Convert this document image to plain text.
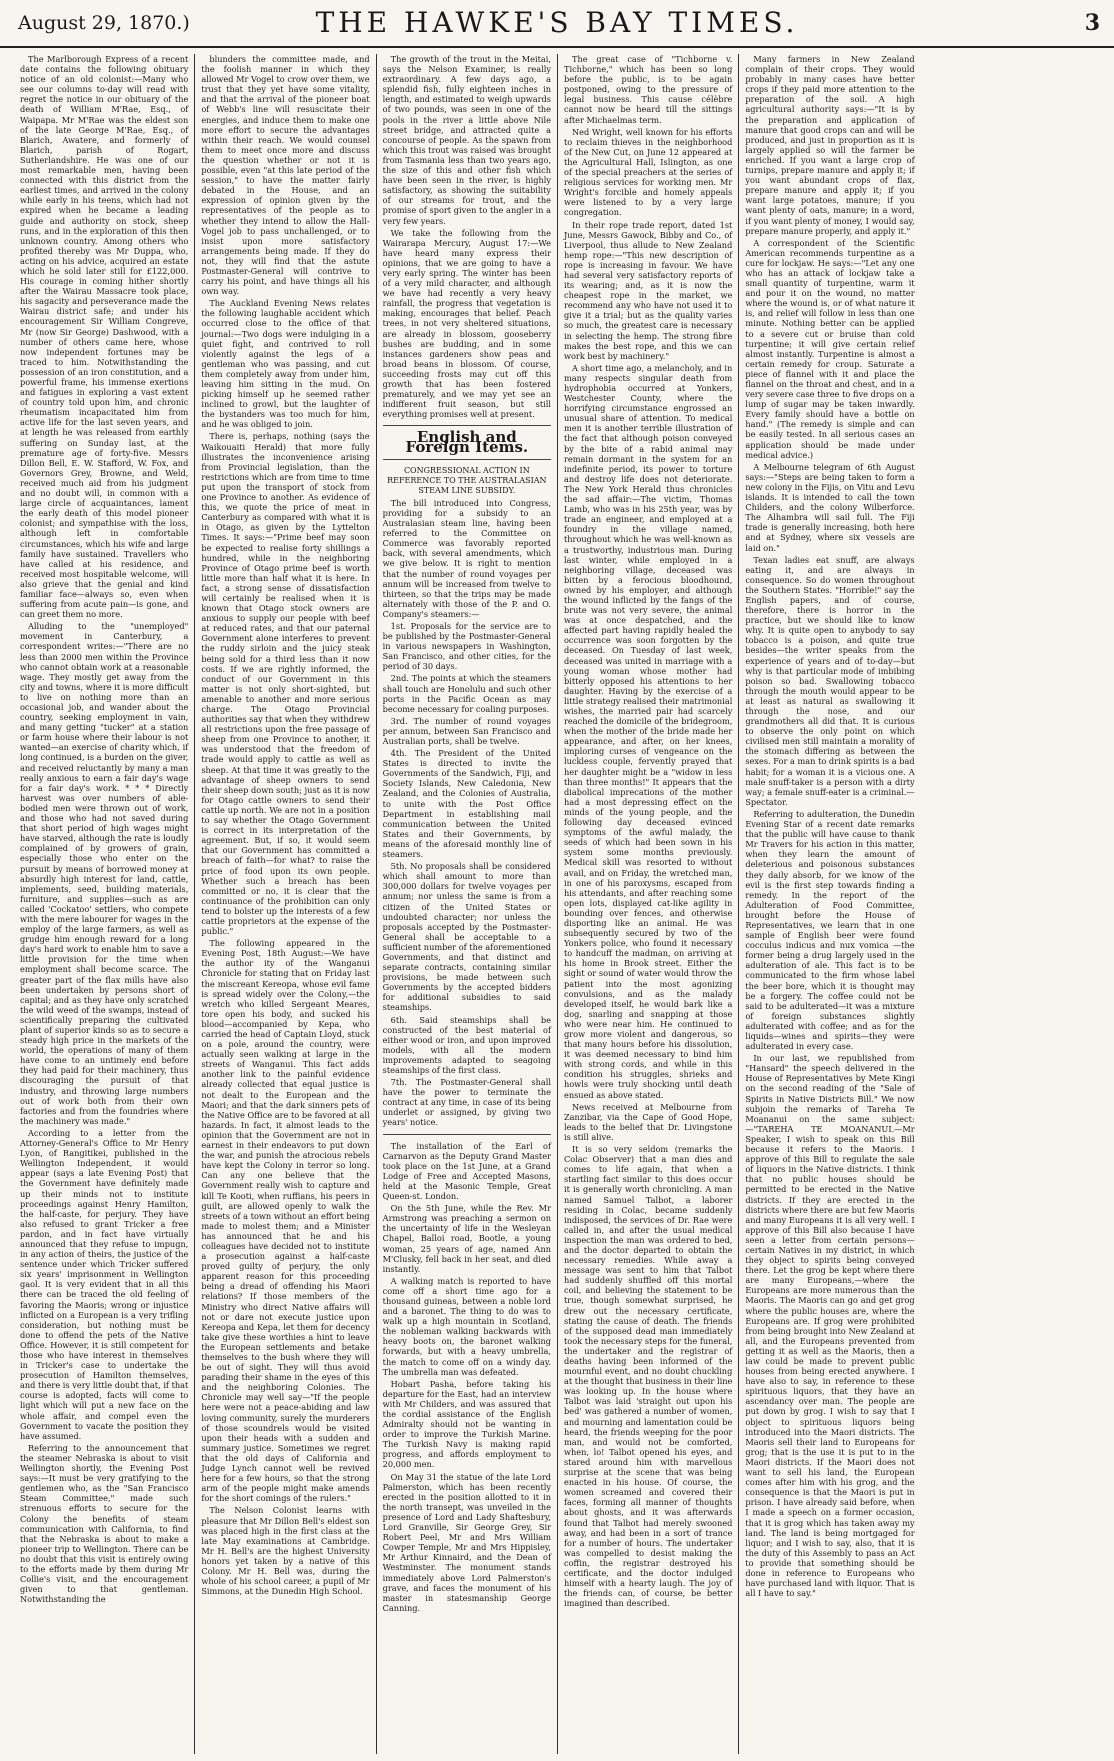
August 29, 1870.)	THE HAWKE'S BAY TIMES.	3

The Marlborough Express of a recent date contains the following obituary notice of an old colonist:—Many who see our columns to-day will read with regret the notice in our obituary of the death of William M'Rae, Esq., of Waipapa. Mr M'Rae was the eldest son of the late George M'Rae, Esq., of Blarich, Awatere, and formerly of Blarich, parish of Rogart, Sutherlandshire. He was one of our most remarkable men, having been connected with this district from the earliest times, and arrived in the colony while early in his teens, which had not expired when he became a leading guide and authority on stock, sheep runs, and in the exploration of this then unknown country. Among others who profited thereby was Mr Duppa, who, acting on his advice, acquired an estate which he sold later still for £122,000. His courage in coming hither shortly after the Wairau Massacre took place, his sagacity and perseverance made the Wairau district safe; and under his encouragement Sir William Congreve, Mr (now Sir George) Dashwood, with a number of others came here, whose now independent fortunes may be traced to him. Notwithstanding the possession of an iron constitution, and a powerful frame, his immense exertions and fatigues in exploring a vast extent of country told upon him, and chronic rheumatism incapacitated him from active life for the last seven years, and at length he was released from earthly suffering on Sunday last, at the premature age of forty-five. Messrs Dillon Bell, E. W. Stafford, W. Fox, and Governors Grey, Browne, and Weld, received much aid from his judgment and no doubt will, in common with a large circle of acquaintances, lament the early death of this model pioneer colonist; and sympathise with the loss, although left in comfortable circumstances, which his wife and large family have sustained. Travellers who have called at his residence, and received most hospitable welcome, will also grieve that the genial and kind familiar face—always so, even when suffering from acute pain—is gone, and can greet them no more.

Alluding to the "unemployed" movement in Canterbury, a correspondent writes:—"There are no less than 2000 men within the Province who cannot obtain work at a reasonable wage. They mostly get away from the city and towns, where it is more difficult to live on nothing more than an occasional job, and wander about the country, seeking employment in vain, and many getting "tucker" at a station or farm house where their labour is not wanted—an exercise of charity which, if long continued, is a burden on the giver, and received reluctantly by many a man really anxious to earn a fair day's wage for a fair day's work. * * * Directly harvest was over numbers of able-bodied men were thrown out of work, and those who had not saved during that short period of high wages might have starved, although the rate is loudly complained of by growers of grain, especially those who enter on the pursuit by means of borrowed money at absurdly high interest for land, cattle, implements, seed, building materials, furniture, and supplies—such as are called 'Cockatoo' settlers, who compete with the mere labourer for wages in the employ of the large farmers, as well as grudge him enough reward for a long day's hard work to enable him to save a little provision for the time when employment shall become scarce. The greater part of the flax mills have also been undertaken by persons short of capital; and as they have only scratched the wild weed of the swamps, instead of scientifically preparing the cultivated plant of superior kinds so as to secure a steady high price in the markets of the world, the operations of many of them have come to an untimely end before they had paid for their machinery, thus discouraging the pursuit of that industry, and throwing large numbers out of work both from their own factories and from the foundries where the machinery was made."

According to a letter from the Attorney-General's Office to Mr Henry Lyon, of Rangitikei, published in the Wellington Independent, it would appear (says a late Evening Post) that the Government have definitely made up their minds not to institute proceedings against Henry Hamilton, the half-caste, for perjury. They have also refused to grant Tricker a free pardon, and in fact have virtually announced that they refuse to impugn, in any action of theirs, the justice of the sentence under which Tricker suffered six years' imprisonment in Wellington gaol. It is very evident that in all this there can be traced the old feeling of favoring the Maoris; wrong or injustice inflicted on a European is a very trifling consideration, but nothing must be done to offend the pets of the Native Office. However, it is still competent for those who have interest in themselves in Tricker's case to undertake the prosecution of Hamilton themselves, and there is very little doubt that, if that course is adopted, facts will come to light which will put a new face on the whole affair, and compel even the Government to vacate the position they have assumed.

Referring to the announcement that the steamer Nebraska is about to visit Wellington shortly, the Evening Post says:—It must be very gratifying to the gentlemen who, as the "San Francisco Steam Committee," made such strenuous efforts to secure for the Colony the benefits of steam communication with California, to find that the Nebraska is about to make a pioneer trip to Wellington. There can be no doubt that this visit is entirely owing to the efforts made by them during Mr Collie's visit, and the encouragement given to that gentleman. Notwithstanding the

blunders the committee made, and the foolish manner in which they allowed Mr Vogel to crow over them, we trust that they yet have some vitality, and that the arrival of the pioneer boat of Webb's line will resuscitate their energies, and induce them to make one more effort to secure the advantages within their reach. We would counsel them to meet once more and discuss the question whether or not it is possible, even "at this late period of the session," to have the matter fairly debated in the House, and an expression of opinion given by the representatives of the people as to whether they intend to allow the Hall-Vogel job to pass unchallenged, or to insist upon more satisfactory arrangements being made. If they do not, they will find that the astute Postmaster-General will contrive to carry his point, and have things all his own way.

The Auckland Evening News relates the following laughable accident which occurred close to the office of that journal:—Two dogs were indulging in a quiet fight, and contrived to roll violently against the legs of a gentleman who was passing, and cut them completely away from under him, leaving him sitting in the mud. On picking himself up he seemed rather inclined to growl, but the laughter of the bystanders was too much for him, and he was obliged to join.

There is, perhaps, nothing (says the Waikouaiti Herald) that more fully illustrates the inconvenience arising from Provincial legislation, than the restrictions which are from time to time put upon the transport of stock from one Province to another. As evidence of this, we quote the price of meat in Canterbury as compared with what it is in Otago, as given by the Lyttelton Times. It says:—"Prime beef may soon be expected to realise forty shillings a hundred, while in the neighboring Province of Otago prime beef is worth little more than half what it is here. In fact, a strong sense of dissatisfaction will certainly be realised when it is known that Otago stock owners are anxious to supply our people with beef at reduced rates, and that our paternal Government alone interferes to prevent the ruddy sirloin and the juicy steak being sold for a third less than it now costs. If we are rightly informed, the conduct of our Government in this matter is not only short-sighted, but amenable to another and more serious charge. The Otago Provincial authorities say that when they withdrew all restrictions upon the free passage of sheep from one Province to another, it was understood that the freedom of trade would apply to cattle as well as sheep. At that time it was greatly to the advantage of sheep owners to send their sheep down south; just as it is now for Otago cattle owners to send their cattle up north. We are not in a position to say whether the Otago Government is correct in its interpretation of the agreement. But, if so, it would seem that our Government has committed a breach of faith—for what? to raise the price of food upon its own people. Whether such a breach has been committed or no, it is clear that the continuance of the prohibition can only tend to bolster up the interests of a few cattle proprietors at the expense of the public."

The following appeared in the Evening Post, 18th August:—We have the author ity of the Wanganui Chronicle for stating that on Friday last the miscreant Kereopa, whose evil fame is spread widely over the Colony,—the wretch who killed Sergeant Meares, tore open his body, and sucked his blood—accompanied by Kepa, who carried the head of Captain Lloyd, stuck on a pole, around the country, were actually seen walking at large in the streets of Wanganui. This fact adds another link to the painful evidence already collected that equal justice is not dealt to the European and the Maori; and that the dark sinners pets of the Native Office are to be favored at all hazards. In fact, it almost leads to the opinion that the Government are not in earnest in their endeavors to put down the war, and punish the atrocious rebels have kept the Colony in terror so long. Can any one believe that the Government really wish to capture and kill Te Kooti, when ruffians, his peers in guilt, are allowed openly to walk the streets of a town without an effort being made to molest them; and a Minister has announced that he and his colleagues have decided not to institute a prosecution against a half-caste proved guilty of perjury, the only apparent reason for this proceeding being a dread of offending his Maori relations? If those members of the Ministry who direct Native affairs will not or dare not execute justice upon Kereopa and Kepa, let them for decency take give these worthies a hint to leave the European settlements and betake themselves to the bush where they will be out of sight. They will thus avoid parading their shame in the eyes of this and the neighboring Colonies. The Chronicle may well say—"If the people here were not a peace-abiding and law loving community, surely the murderers of those scoundrels would be visited upon their heads with a sudden and summary justice. Sometimes we regret that the old days of California and Judge Lynch cannot well be revived here for a few hours, so that the strong arm of the people might make amends for the short comings of the rulers."

The Nelson Colonist learns with pleasure that Mr Dillon Bell's eldest son was placed high in the first class at the late May examinations at Cambridge. Mr H. Bell's are the highest University honors yet taken by a native of this Colony. Mr H. Bell was, during the whole of his school career, a pupil of Mr Simmons, at the Dunedin High School.

The growth of the trout in the Meitai, says the Nelson Examiner, is really extraordinary. A few days ago, a splendid fish, fully eighteen inches in length, and estimated to weigh upwards of two pounds, was seen in one of the pools in the river a little above Nile street bridge, and attracted quite a concourse of people. As the spawn from which this trout was raised was brought from Tasmania less than two years ago, the size of this and other fish which have been seen in the river, is highly satisfactory, as showing the suitability of our streams for trout, and the promise of sport given to the angler in a very few years.

We take the following from the Wairarapa Mercury, August 17:—We have heard many express their opinions, that we are going to have a very early spring. The winter has been of a very mild character, and although we have had recently a very heavy rainfall, the progress that vegetation is making, encourages that belief. Peach trees, in not very sheltered situations, are already in blossom, gooseberry bushes are budding, and in some instances gardeners show peas and broad beans in blossom. Of course, succeeding frosts may cut off this growth that has been fostered prematurely, and we may yet see an indifferent fruit season, but still everything promises well at present.

English and Foreign Items.

CONGRESSIONAL ACTION IN REFERENCE TO THE AUSTRALASIAN STEAM LINE SUBSIDY.

The bill introduced into Congress, providing for a subsidy to an Australasian steam line, having been referred to the Committee on Commerce was favorably reported back, with several amendments, which we give below. It is right to mention that the number of round voyages per annum will be increased from twelve to thirteen, so that the trips may be made alternately with those of the P. and O. Company's steamers:—

1st. Proposals for the service are to be published by the Postmaster-General in various newspapers in Washington, San Francisco, and other cities, for the period of 30 days.

2nd. The points at which the steamers shall touch are Honolulu and such other ports in the Pacific Ocean as may become necessary for coaling purposes.

3rd. The number of round voyages per annum, between San Francisco and Australian ports, shall be twelve.

4th. The President of the United States is directed to invite the Governments of the Sandwich, Fiji, and Society Islands, New Caledonia, New Zealand, and the Colonies of Australia, to unite with the Post Office Department in establishing mail communication between the United States and their Governments, by means of the aforesaid monthly line of steamers.

5th. No proposals shall be considered which shall amount to more than 300,000 dollars for twelve voyages per annum; nor unless the same is from a citizen of the United States or undoubted character; nor unless the proposals accepted by the Postmaster-General shall be acceptable to a sufficient number of the aforementioned Governments, and that distinct and separate contracts, containing similar provisions, be made between such Governments by the accepted bidders for additional subsidies to said steamships.

6th. Said steamships shall be constructed of the best material of either wood or iron, and upon improved models, with all the modern improvements adapted to seagoing steamships of the first class.

7th. The Postmaster-General shall have the power to terminate the contract at any time, in case of its being underlet or assigned, by giving two years' notice.

The installation of the Earl of Carnarvon as the Deputy Grand Master took place on the 1st June, at a Grand Lodge of Free and Accepted Masons, held at the Masonic Temple, Great Queen-st. London.

On the 5th June, while the Rev. Mr Armstrong was preaching a sermon on the uncertainty of life in the Wesleyan Chapel, Balloi road, Bootle, a young woman, 25 years of age, named Ann M'Clusky, fell back in her seat, and died instantly.

A walking match is reported to have come off a short time ago for a thousand guineas, between a noble lord and a baronet. The thing to do was to walk up a high mountain in Scotland, the nobleman walking backwards with heavy boots on, the baronet walking forwards, but with a heavy umbrella, the match to come off on a windy day. The umbrella man was defeated.

Hobart Pasha, before taking his departure for the East, had an interview with Mr Childers, and was assured that the cordial assistance of the English Admiralty should not be wanting in order to improve the Turkish Marine. The Turkish Navy is making rapid progress, and affords employment to 20,000 men.

On May 31 the statue of the late Lord Palmerston, which has been recently erected in the position allotted to it in the north transept, was unveiled in the presence of Lord and Lady Shaftesbury, Lord Granville, Sir George Grey, Sir Robert Peel, Mr and Mrs William Cowper Temple, Mr and Mrs Hippisley, Mr Arthur Kinnaird, and the Dean of Westminster. The monument stands immediately above Lord Palmerston's grave, and faces the monument of his master in statesmanship George Canning.

The great case of "Tichborne v. Tichborne," which has been so long before the public, is to be again postponed, owing to the pressure of legal business. This cause célèbre cannot now be heard till the sittings after Michaelmas term.

Ned Wright, well known for his efforts to reclaim thieves in the neighborhood of the New Cut, on June 12 appeared at the Agricultural Hall, Islington, as one of the special preachers at the series of religious services for working men. Mr Wright's forcible and homely appeals were listened to by a very large congregation.

In their rope trade report, dated 1st June, Messrs Gawock, Bibby and Co., of Liverpool, thus allude to New Zealand hemp rope:—"This new description of rope is increasing in favour. We have had several very satisfactory reports of its wearing; and, as it is now the cheapest rope in the market, we recommend any who have not used it to give it a trial; but as the quality varies so much, the greatest care is necessary in selecting the hemp. The strong fibre makes the best rope, and this we can work best by machinery."

A short time ago, a melancholy, and in many respects singular death from hydrophobia occurred at Yonkers, Westchester County, where the horrifying circumstance engrossed an unusual share of attention. To medical men it is another terrible illustration of the fact that although poison conveyed by the bite of a rabid animal may remain dormant in the system for an indefinite period, its power to torture and destroy life does not deteriorate. The New York Herald thus chronicles the sad affair:—The victim, Thomas Lamb, who was in his 25th year, was by trade an engineer, and employed at a foundry in the village named, throughout which he was well-known as a trustworthy, industrious man. During last winter, while employed in a neighboring village, deceased was bitten by a ferocious bloodhound, owned by his employer, and although the wound inflicted by the fangs of the brute was not very severe, the animal was at once despatched, and the affected part having rapidly healed the occurrence was soon forgotten by the deceased. On Tuesday of last week, deceased was united in marriage with a young woman whose mother had bitterly opposed his attentions to her daughter. Having by the exercise of a little strategy realised their matrimonial wishes, the married pair had scarcely reached the domicile of the bridegroom, when the mother of the bride made her appearance, and after, on her knees, imploring curses of vengeance on the luckless couple, fervently prayed that her daughter might be a "widow in less than three months!" It appears that the diabolical imprecations of the mother had a most depressing effect on the minds of the young people, and the following day deceased evinced symptoms of the awful malady, the seeds of which had been sown in his system some months previously. Medical skill was resorted to without avail, and on Friday, the wretched man, in one of his paroxysms, escaped from his attendants, and after reaching some open lots, displayed cat-like agility in bounding over fences, and otherwise disporting like an animal. He was subsequently secured by two of the Yonkers police, who found it necessary to handcuff the madman, on arriving at his home in Brook street. Either the sight or sound of water would throw the patient into the most agonizing convulsions, and as the malady developed itself, he would bark like a dog, snarling and snapping at those who were near him. He continued to grow more violent and dangerous, so that many hours before his dissolution, it was deemed necessary to bind him with strong cords, and while in this condition his struggles, shrieks and howls were truly shocking until death ensued as above stated.

News received at Melbourne from Zanzibar, via the Cape of Good Hope, leads to the belief that Dr. Livingstone is still alive.

It is so very seldom (remarks the Colac Observer) that a man dies and comes to life again, that when a startling fact similar to this does occur it is generally worth chronicling. A man named Samuel Talbot, a laborer residing in Colac, became suddenly indisposed, the services of Dr. Rae were called in, and after the usual medical inspection the man was ordered to bed, and the doctor departed to obtain the necessary remedies. While away a message was sent to him that Talbot had suddenly shuffled off this mortal coil, and believing the statement to be true, though somewhat surprised, he drew out the necessary certificate, stating the cause of death. The friends of the supposed dead man immediately took the necessary steps for the funeral, the undertaker and the registrar of deaths having been informed of the mournful event, and no doubt chuckling at the thought that business in their line was looking up. In the house where Talbot was laid 'straight out upon his bed' was gathered a number of women, and mourning and lamentation could be heard, the friends weeping for the poor man, and would not be comforted, when, lo! Talbot opened his eyes, and stared around him with marvellous surprise at the scene that was being enacted in his house. Of course, the women screamed and covered their faces, forming all manner of thoughts about ghosts, and it was afterwards found that Talbot had merely swooned away, and had been in a sort of trance for a number of hours. The undertaker was compelled to desist making the coffin, the registrar destroyed his certificate, and the doctor indulged himself with a hearty laugh. The joy of the friends can, of course, be better imagined than described.

Many farmers in New Zealand complain of their crops. They would probably in many cases have better crops if they paid more attention to the preparation of the soil. A high agricultural authority says:—"It is by the preparation and application of manure that good crops can and will be produced, and just in proportion as it is largely applied so will the farmer be enriched. If you want a large crop of turnips, prepare manure and apply it; if you want abundant crops of flax, prepare manure and apply it; if you want large potatoes, manure; if you want plenty of oats, manure; in a word, if you want plenty of money, I would say, prepare manure properly, and apply it."

A correspondent of the Scientific American recommends turpentine as a cure for lockjaw. He says:—"Let any one who has an attack of lockjaw take a small quantity of turpentine, warm it and pour it on the wound, no matter where the wound is, or of what nature it is, and relief will follow in less than one minute. Nothing better can be applied to a severe cut or bruise than cold turpentine; it will give certain relief almost instantly. Turpentine is almost a certain remedy for croup. Saturate a piece of flannel with it and place the flannel on the throat and chest, and in a very severe case three to five drops on a lump of sugar may be taken inwardly. Every family should have a bottle on hand." (The remedy is simple and can be easily tested. In all serious cases an application should be made under medical advice.)

A Melbourne telegram of 6th August says:—"Steps are being taken to form a new colony in the Fijis, on Vitu and Levu islands. It is intended to call the town Childers, and the colony Wilberforce. The Alhambra will sail full. The Fiji trade is generally increasing, both here and at Sydney, where six vessels are laid on."

Texan ladies eat snuff, are always eating it, and are always in consequence. So do women throughout the Southern States. "Horrible!" say the English papers, and of course, therefore, there is horror in the practice, but we should like to know why. It is quite open to anybody to say tobacco is a poison, and quite true besides—the writer speaks from the experience of years and of to-day—but why is that particular mode of imbibing poison so bad. Swallowing tobacco through the mouth would appear to be at least as natural as swallowing it through the nose, and our grandmothers all did that. It is curious to observe the only point on which civilised men still maintain a morality of the stomach differing as between the sexes. For a man to drink spirits is a bad habit; for a woman it is a vicious one. A male snuff-taker is a person with a dirty way; a female snuff-eater is a criminal.—Spectator.

Referring to adulteration, the Dunedin Evening Star of a recent date remarks that the public will have cause to thank Mr Travers for his action in this matter, when they learn the amount of deleterious and poisonous substances they daily absorb, for we know of the evil is the first step towards finding a remedy. In the report of the Adulteration of Food Committee, brought before the House of Representatives, we learn that in one sample of English beer were found cocculus indicus and nux vomica —the former being a drug largely used in the adulteration of ale. This fact is to be communicated to the firm whose label the beer bore, which it is thought may be a forgery. The coffee could not be said to be adulterated—it was a mixture of foreign substances slightly adulterated with coffee; and as for the liquids—wines and spirits—they were adulterated in every case.

In our last, we republished from "Hansard" the speech delivered in the House of Representatives by Mete Kingi on the second reading of the "Sale of Spirits in Native Districts Bill." We now subjoin the remarks of Tareha Te Moananui on the same subject:—"TAREHA TE MOANANUI.—Mr Speaker, I wish to speak on this Bill because it refers to the Maoris. I approve of this Bill to regulate the sale of liquors in the Native districts. I think that no public houses should be permitted to be erected in the Native districts. If they are erected in the districts where there are but few Maoris and many Europeans it is all very well. I approve of this Bill also because I have seen a letter from certain persons—certain Natives in my district, in which they object to spirits being conveyed there. Let the grog be kept where there are many Europeans,—where the Europeans are more numerous than the Maoris. The Maoris can go and get grog where the public houses are, where the Europeans are. If grog were prohibited from being brought into New Zealand at all, and the Europeans prevented from getting it as well as the Maoris, then a law could be made to prevent public houses from being erected anywhere. I have also to say, in reference to these spirituous liquors, that they have an ascendancy over man. The people are put down by grog. I wish to say that I object to spirituous liquors being introduced into the Maori districts. The Maoris sell their land to Europeans for grog; that is the use it is put to in the Maori districts. If the Maori does not want to sell his land, the European comes after him with his grog, and the consequence is that the Maori is put in prison. I have already said before, when I made a speech on a former occasion, that it is grog which has taken away my land. The land is being mortgaged for liquor; and I wish to say, also, that it is the duty of this Assembly to pass an Act to provide that something should be done in reference to Europeans who have purchased land with liquor. That is all I have to say."
